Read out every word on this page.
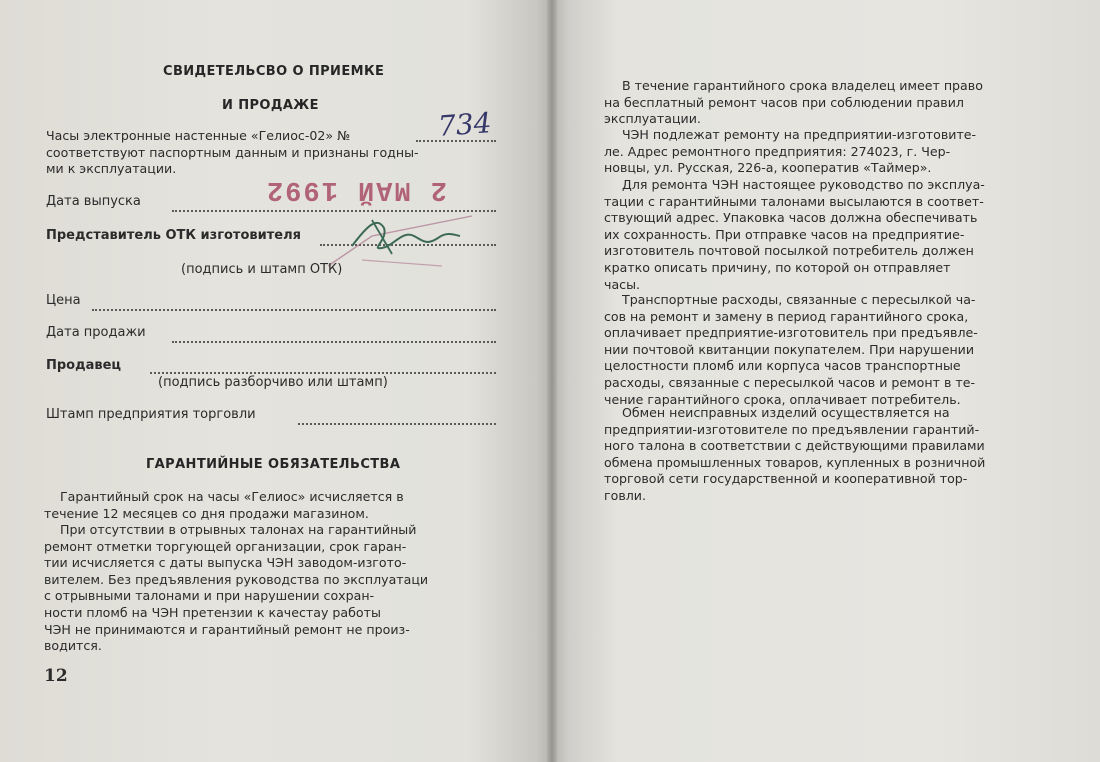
СВИДЕТЕЛЬСВО О ПРИЕМКЕ
И ПРОДАЖЕ
Часы электронные настенные «Гелиос-02» №
соответствуют паспортным данным и признаны годны-
ми к эксплуатации.
734
Дата выпуска	2 МАЙ 1992
Представитель ОТК изготовителя
(подпись и штамп ОТК)
Цена
Дата продажи
Продавец
(подпись разборчиво или штамп)
Штамп предприятия торговли
ГАРАНТИЙНЫЕ ОБЯЗАТЕЛЬСТВА
Гарантийный срок на часы «Гелиос» исчисляется в
течение 12 месяцев со дня продажи магазином.
При отсутствии в отрывных талонах на гарантийный
ремонт отметки торгующей организации, срок гаран-
тии исчисляется с даты выпуска ЧЭН заводом-изгото-
вителем. Без предъявления руководства по эксплуатаци
с отрывными талонами и при нарушении сохран-
ности пломб на ЧЭН претензии к качестау работы
ЧЭН не принимаются и гарантийный ремонт не произ-
водится.
12
В течение гарантийного срока владелец имеет право
на бесплатный ремонт часов при соблюдении правил
эксплуатации.
ЧЭН подлежат ремонту на предприятии-изготовите-
ле. Адрес ремонтного предприятия: 274023, г. Чер-
новцы, ул. Русская, 226-а, кооператив «Таймер».
Для ремонта ЧЭН настоящее руководство по эксплуа-
тации с гарантийными талонами высылаются в соответ-
ствующий адрес. Упаковка часов должна обеспечивать
их сохранность. При отправке часов на предприятие-
изготовитель почтовой посылкой потребитель должен
кратко описать причину, по которой он отправляет
часы.
Транспортные расходы, связанные с пересылкой ча-
сов на ремонт и замену в период гарантийного срока,
оплачивает предприятие-изготовитель при предъявле-
нии почтовой квитанции покупателем. При нарушении
целостности пломб или корпуса часов транспортные
расходы, связанные с пересылкой часов и ремонт в те-
чение гарантийного срока, оплачивает потребитель.
Обмен неисправных изделий осуществляется на
предприятии-изготовителе по предъявлении гарантий-
ного талона в соответствии с действующими правилами
обмена промышленных товаров, купленных в розничной
торговой сети государственной и кооперативной тор-
говли.
